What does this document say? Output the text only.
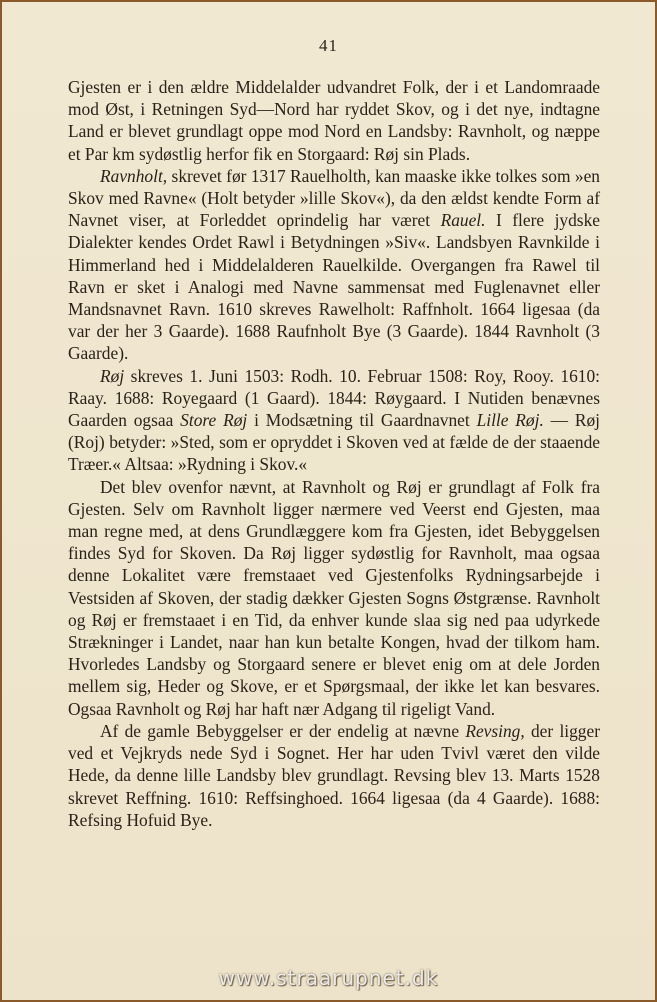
41

Gjesten er i den ældre Middelalder udvandret Folk, der i et Landomraade mod Øst, i Retningen Syd—Nord har ryddet Skov, og i det nye, indtagne Land er blevet grundlagt oppe mod Nord en Landsby: Ravnholt, og næppe et Par km sydøstlig herfor fik en Storgaard: Røj sin Plads.

Ravnholt, skrevet før 1317 Rauelholth, kan maaske ikke tolkes som »en Skov med Ravne« (Holt betyder »lille Skov«), da den ældst kendte Form af Navnet viser, at Forleddet oprindelig har været Rauel. I flere jydske Dialekter kendes Ordet Rawl i Betydningen »Siv«. Landsbyen Ravnkilde i Himmerland hed i Middelalderen Rauelkilde. Overgangen fra Rawel til Ravn er sket i Analogi med Navne sammensat med Fuglenavnet eller Mandsnavnet Ravn. 1610 skreves Rawelholt: Raffnholt. 1664 ligesaa (da var der her 3 Gaarde). 1688 Raufnholt Bye (3 Gaarde). 1844 Ravnholt (3 Gaarde).

Røj skreves 1. Juni 1503: Rodh. 10. Februar 1508: Roy, Rooy. 1610: Raay. 1688: Royegaard (1 Gaard). 1844: Røygaard. I Nutiden benævnes Gaarden ogsaa Store Røj i Modsætning til Gaardnavnet Lille Røj. — Røj (Roj) betyder: »Sted, som er opryddet i Skoven ved at fælde de der staaende Træer.« Altsaa: »Rydning i Skov.«

Det blev ovenfor nævnt, at Ravnholt og Røj er grundlagt af Folk fra Gjesten. Selv om Ravnholt ligger nærmere ved Veerst end Gjesten, maa man regne med, at dens Grundlæggere kom fra Gjesten, idet Bebyggelsen findes Syd for Skoven. Da Røj ligger sydøstlig for Ravnholt, maa ogsaa denne Lokalitet være fremstaaet ved Gjestenfolks Rydningsarbejde i Vestsiden af Skoven, der stadig dækker Gjesten Sogns Østgrænse. Ravnholt og Røj er fremstaaet i en Tid, da enhver kunde slaa sig ned paa udyrkede Strækninger i Landet, naar han kun betalte Kongen, hvad der tilkom ham. Hvorledes Landsby og Storgaard senere er blevet enig om at dele Jorden mellem sig, Heder og Skove, er et Spørgsmaal, der ikke let kan besvares. Ogsaa Ravnholt og Røj har haft nær Adgang til rigeligt Vand.

Af de gamle Bebyggelser er der endelig at nævne Revsing, der ligger ved et Vejkryds nede Syd i Sognet. Her har uden Tvivl været den vilde Hede, da denne lille Landsby blev grundlagt. Revsing blev 13. Marts 1528 skrevet Reffning. 1610: Reffsinghoed. 1664 ligesaa (da 4 Gaarde). 1688: Refsing Hofuid Bye.

www.straarupnet.dk
